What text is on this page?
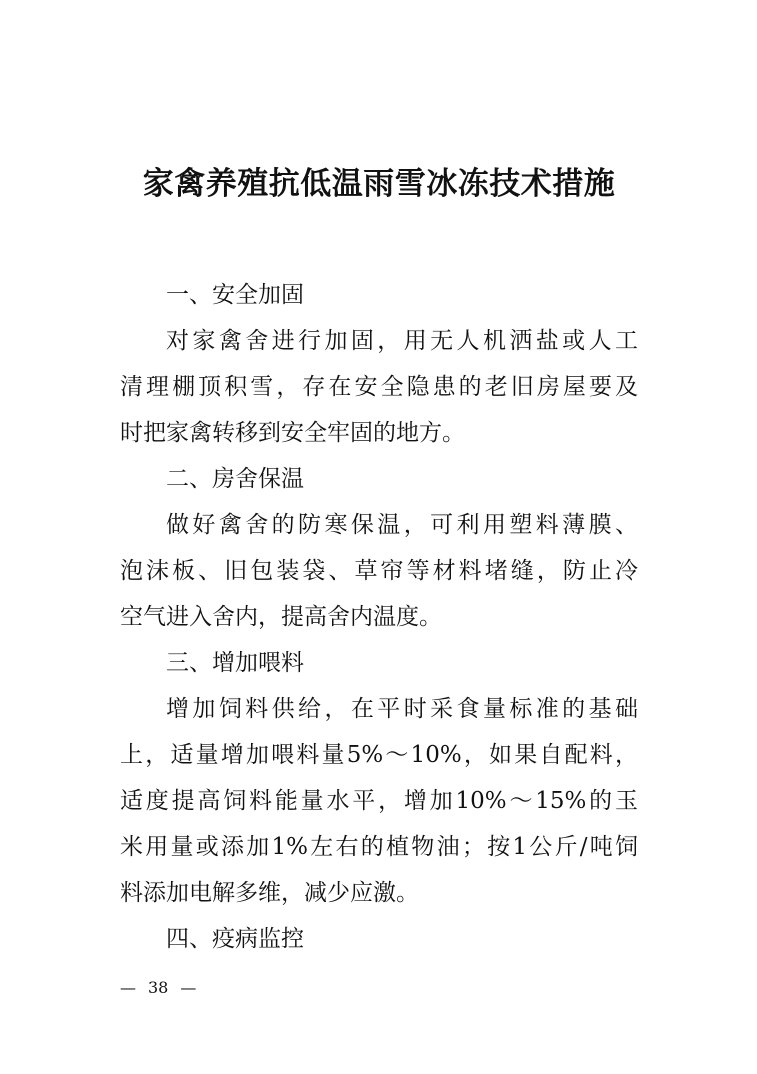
家禽养殖抗低温雨雪冰冻技术措施
一、安全加固
对家禽舍进行加固，用无人机洒盐或人工
清理棚顶积雪，存在安全隐患的老旧房屋要及
时把家禽转移到安全牢固的地方。
二、房舍保温
做好禽舍的防寒保温，可利用塑料薄膜、
泡沫板、旧包装袋、草帘等材料堵缝，防止冷
空气进入舍内，提高舍内温度。
三、增加喂料
增加饲料供给，在平时采食量标准的基础
上，适量增加喂料量5%～10%，如果自配料，
适度提高饲料能量水平，增加10%～15%的玉
米用量或添加1%左右的植物油；按1公斤/吨饲
料添加电解多维，减少应激。
四、疫病监控
— 38 —
